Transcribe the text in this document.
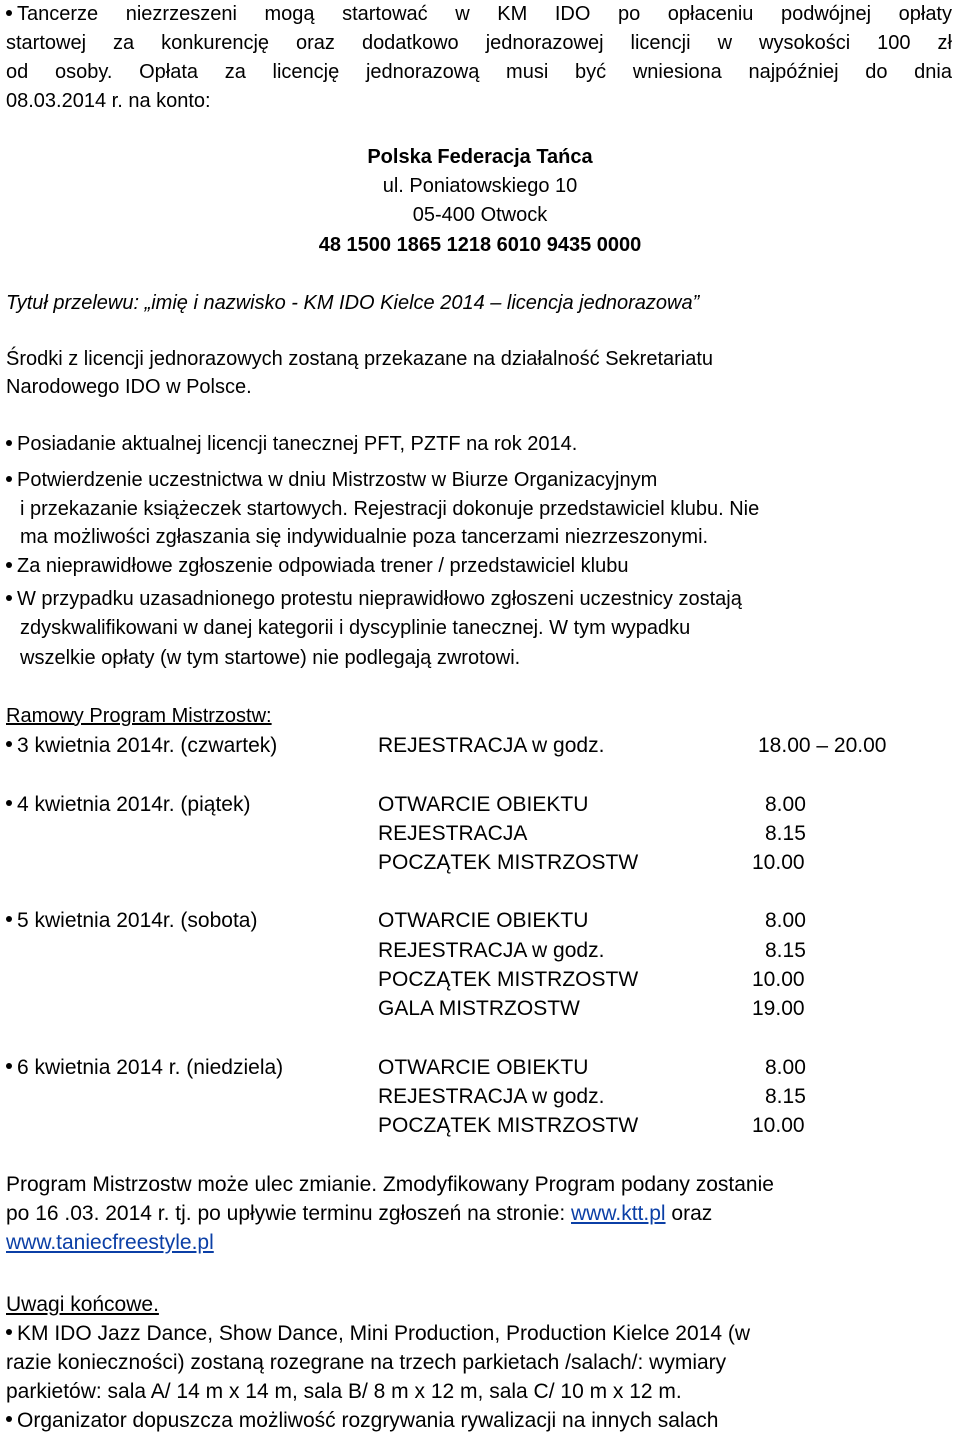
Tancerze niezrzeszeni mogą startować w KM IDO po opłaceniu podwójnej opłaty
startowej za konkurencję oraz dodatkowo jednorazowej licencji w wysokości 100 zł
od osoby. Opłata za licencję jednorazową musi być wniesiona najpóźniej do dnia
08.03.2014 r. na konto:
Polska Federacja Tańca
ul. Poniatowskiego 10
05-400 Otwock
48 1500 1865 1218 6010 9435 0000
Tytuł przelewu: „imię i nazwisko - KM IDO Kielce 2014 – licencja jednorazowa”
Środki z licencji jednorazowych zostaną przekazane na działalność Sekretariatu
Narodowego IDO w Polsce.
Posiadanie aktualnej licencji tanecznej PFT, PZTF na rok 2014.
Potwierdzenie uczestnictwa w dniu Mistrzostw w Biurze Organizacyjnym
i przekazanie książeczek startowych. Rejestracji dokonuje przedstawiciel klubu. Nie
ma możliwości zgłaszania się indywidualnie poza tancerzami niezrzeszonymi.
Za nieprawidłowe zgłoszenie odpowiada trener / przedstawiciel klubu
W przypadku uzasadnionego protestu nieprawidłowo zgłoszeni uczestnicy zostają
zdyskwalifikowani w danej kategorii i dyscyplinie tanecznej. W tym wypadku
wszelkie opłaty (w tym startowe) nie podlegają zwrotowi.
Ramowy Program Mistrzostw:
3 kwietnia 2014r. (czwartek)	REJESTRACJA w godz.	18.00 – 20.00
4 kwietnia 2014r. (piątek)	OTWARCIE OBIEKTU	8.00
REJESTRACJA	8.15
POCZĄTEK MISTRZOSTW	10.00
5 kwietnia 2014r. (sobota)	OTWARCIE OBIEKTU	8.00
REJESTRACJA w godz.	8.15
POCZĄTEK MISTRZOSTW	10.00
GALA MISTRZOSTW	19.00
6 kwietnia 2014 r. (niedziela)	OTWARCIE OBIEKTU	8.00
REJESTRACJA w godz.	8.15
POCZĄTEK MISTRZOSTW	10.00
Program Mistrzostw może ulec zmianie. Zmodyfikowany Program podany zostanie
po 16 .03. 2014 r. tj. po upływie terminu zgłoszeń na stronie: www.ktt.pl oraz
www.taniecfreestyle.pl
Uwagi końcowe.
KM IDO Jazz Dance, Show Dance, Mini Production, Production Kielce 2014 (w
razie konieczności) zostaną rozegrane na trzech parkietach /salach/: wymiary
parkietów: sala A/ 14 m x 14 m, sala B/ 8 m x 12 m, sala C/ 10 m x 12 m.
Organizator dopuszcza możliwość rozgrywania rywalizacji na innych salach
